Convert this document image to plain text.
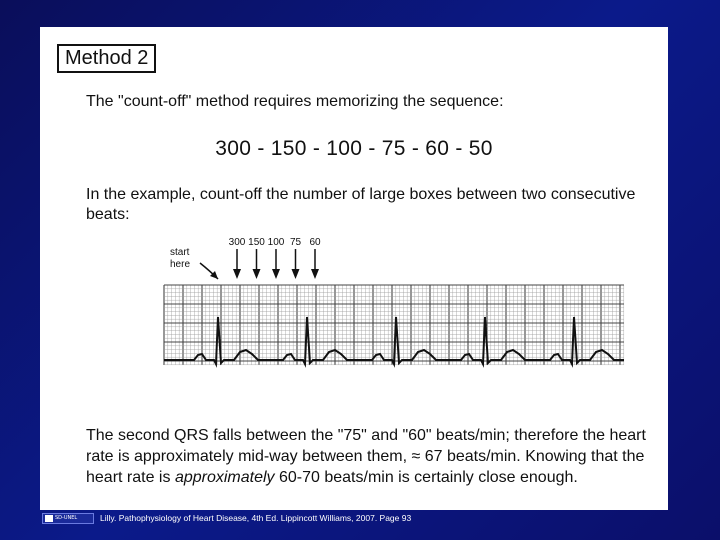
Method 2
The "count-off" method requires memorizing the sequence:
300 - 150 - 100 - 75 - 60 - 50
In the example, count-off the number of large boxes between two consecutive
beats:
300 150 100 75 60
start
here
The second QRS falls between the "75" and "60" beats/min; therefore the heart
rate is approximately mid-way between them, ≈ 67 beats/min. Knowing that the
heart rate is approximately 60-70 beats/min is certainly close enough.
SD-UNEL	Lilly. Pathophysiology of Heart Disease, 4th Ed. Lippincott Williams, 2007. Page 93
